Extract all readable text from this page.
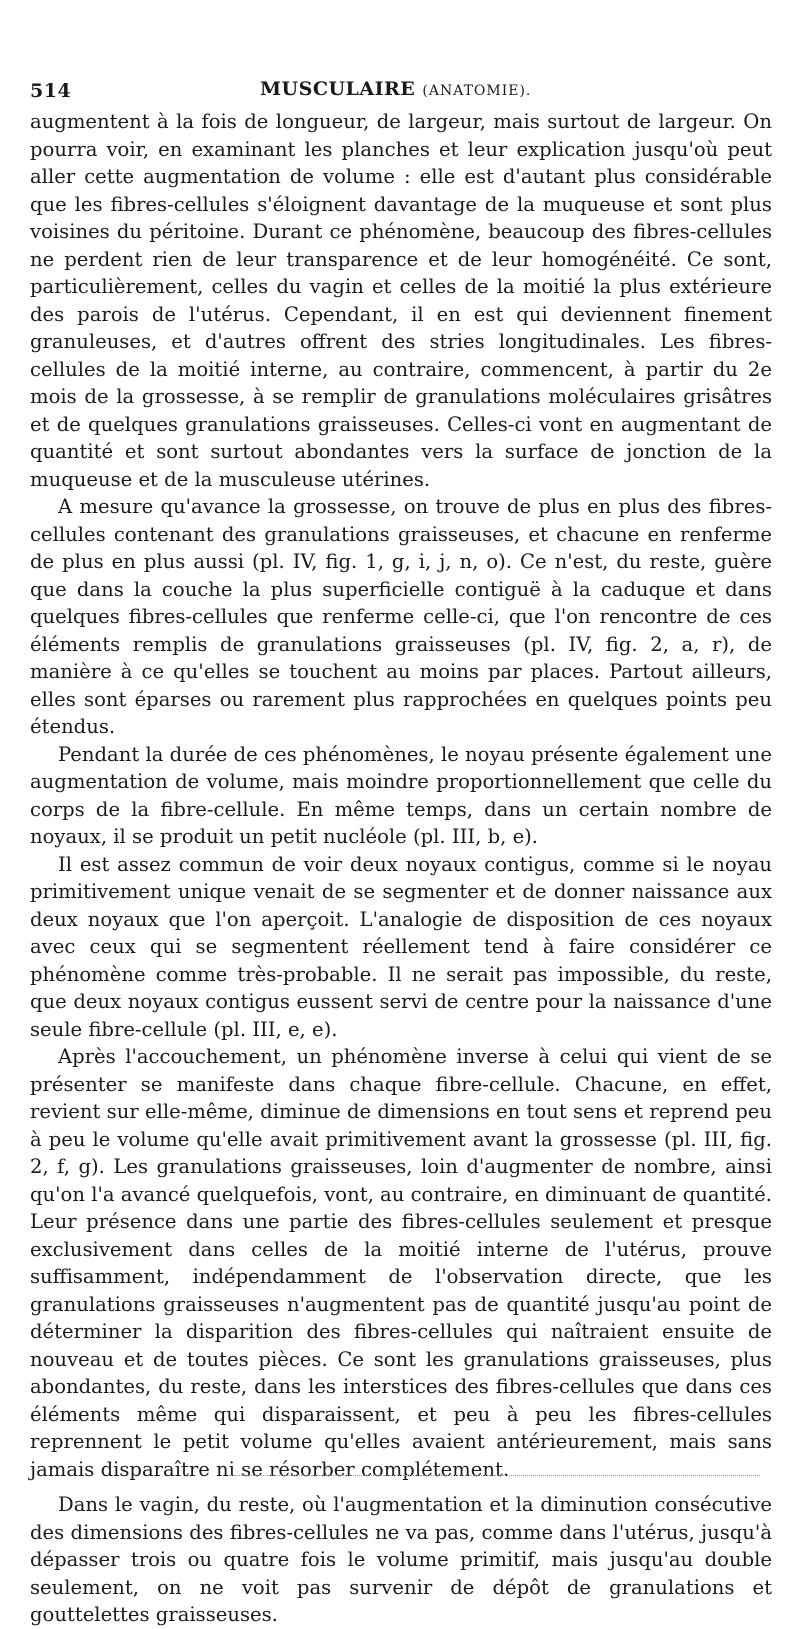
514	MUSCULAIRE (ANATOMIE).

augmentent à la fois de longueur, de largeur, mais surtout de largeur. On pourra voir, en examinant les planches et leur explication jusqu'où peut aller cette augmentation de volume : elle est d'autant plus considérable que les fibres-cellules s'éloignent davantage de la muqueuse et sont plus voisines du péritoine. Durant ce phénomène, beaucoup des fibres-cellules ne perdent rien de leur transparence et de leur homogénéité. Ce sont, particulièrement, celles du vagin et celles de la moitié la plus extérieure des parois de l'utérus. Cependant, il en est qui deviennent finement granuleuses, et d'autres offrent des stries longitudinales. Les fibres-cellules de la moitié interne, au contraire, commencent, à partir du 2e mois de la grossesse, à se remplir de granulations moléculaires grisâtres et de quelques granulations graisseuses. Celles-ci vont en augmentant de quantité et sont surtout abondantes vers la surface de jonction de la muqueuse et de la musculeuse utérines.

A mesure qu'avance la grossesse, on trouve de plus en plus des fibres-cellules contenant des granulations graisseuses, et chacune en renferme de plus en plus aussi (pl. IV, fig. 1, g, i, j, n, o). Ce n'est, du reste, guère que dans la couche la plus superficielle contiguë à la caduque et dans quelques fibres-cellules que renferme celle-ci, que l'on rencontre de ces éléments remplis de granulations graisseuses (pl. IV, fig. 2, a, r), de manière à ce qu'elles se touchent au moins par places. Partout ailleurs, elles sont éparses ou rarement plus rapprochées en quelques points peu étendus.

Pendant la durée de ces phénomènes, le noyau présente également une augmentation de volume, mais moindre proportionnellement que celle du corps de la fibre-cellule. En même temps, dans un certain nombre de noyaux, il se produit un petit nucléole (pl. III, b, e).

Il est assez commun de voir deux noyaux contigus, comme si le noyau primitivement unique venait de se segmenter et de donner naissance aux deux noyaux que l'on aperçoit. L'analogie de disposition de ces noyaux avec ceux qui se segmentent réellement tend à faire considérer ce phénomène comme très-probable. Il ne serait pas impossible, du reste, que deux noyaux contigus eussent servi de centre pour la naissance d'une seule fibre-cellule (pl. III, e, e).

Après l'accouchement, un phénomène inverse à celui qui vient de se présenter se manifeste dans chaque fibre-cellule. Chacune, en effet, revient sur elle-même, diminue de dimensions en tout sens et reprend peu à peu le volume qu'elle avait primitivement avant la grossesse (pl. III, fig. 2, f, g). Les granulations graisseuses, loin d'augmenter de nombre, ainsi qu'on l'a avancé quelquefois, vont, au contraire, en diminuant de quantité. Leur présence dans une partie des fibres-cellules seulement et presque exclusivement dans celles de la moitié interne de l'utérus, prouve suffisamment, indépendamment de l'observation directe, que les granulations graisseuses n'augmentent pas de quantité jusqu'au point de déterminer la disparition des fibres-cellules qui naîtraient ensuite de nouveau et de toutes pièces. Ce sont les granulations graisseuses, plus abondantes, du reste, dans les interstices des fibres-cellules que dans ces éléments même qui disparaissent, et peu à peu les fibres-cellules reprennent le petit volume qu'elles avaient antérieurement, mais sans jamais disparaître ni se résorber complétement.

Dans le vagin, du reste, où l'augmentation et la diminution consécutive des dimensions des fibres-cellules ne va pas, comme dans l'utérus, jusqu'à dépasser trois ou quatre fois le volume primitif, mais jusqu'au double seulement, on ne voit pas survenir de dépôt de granulations et gouttelettes graisseuses.
